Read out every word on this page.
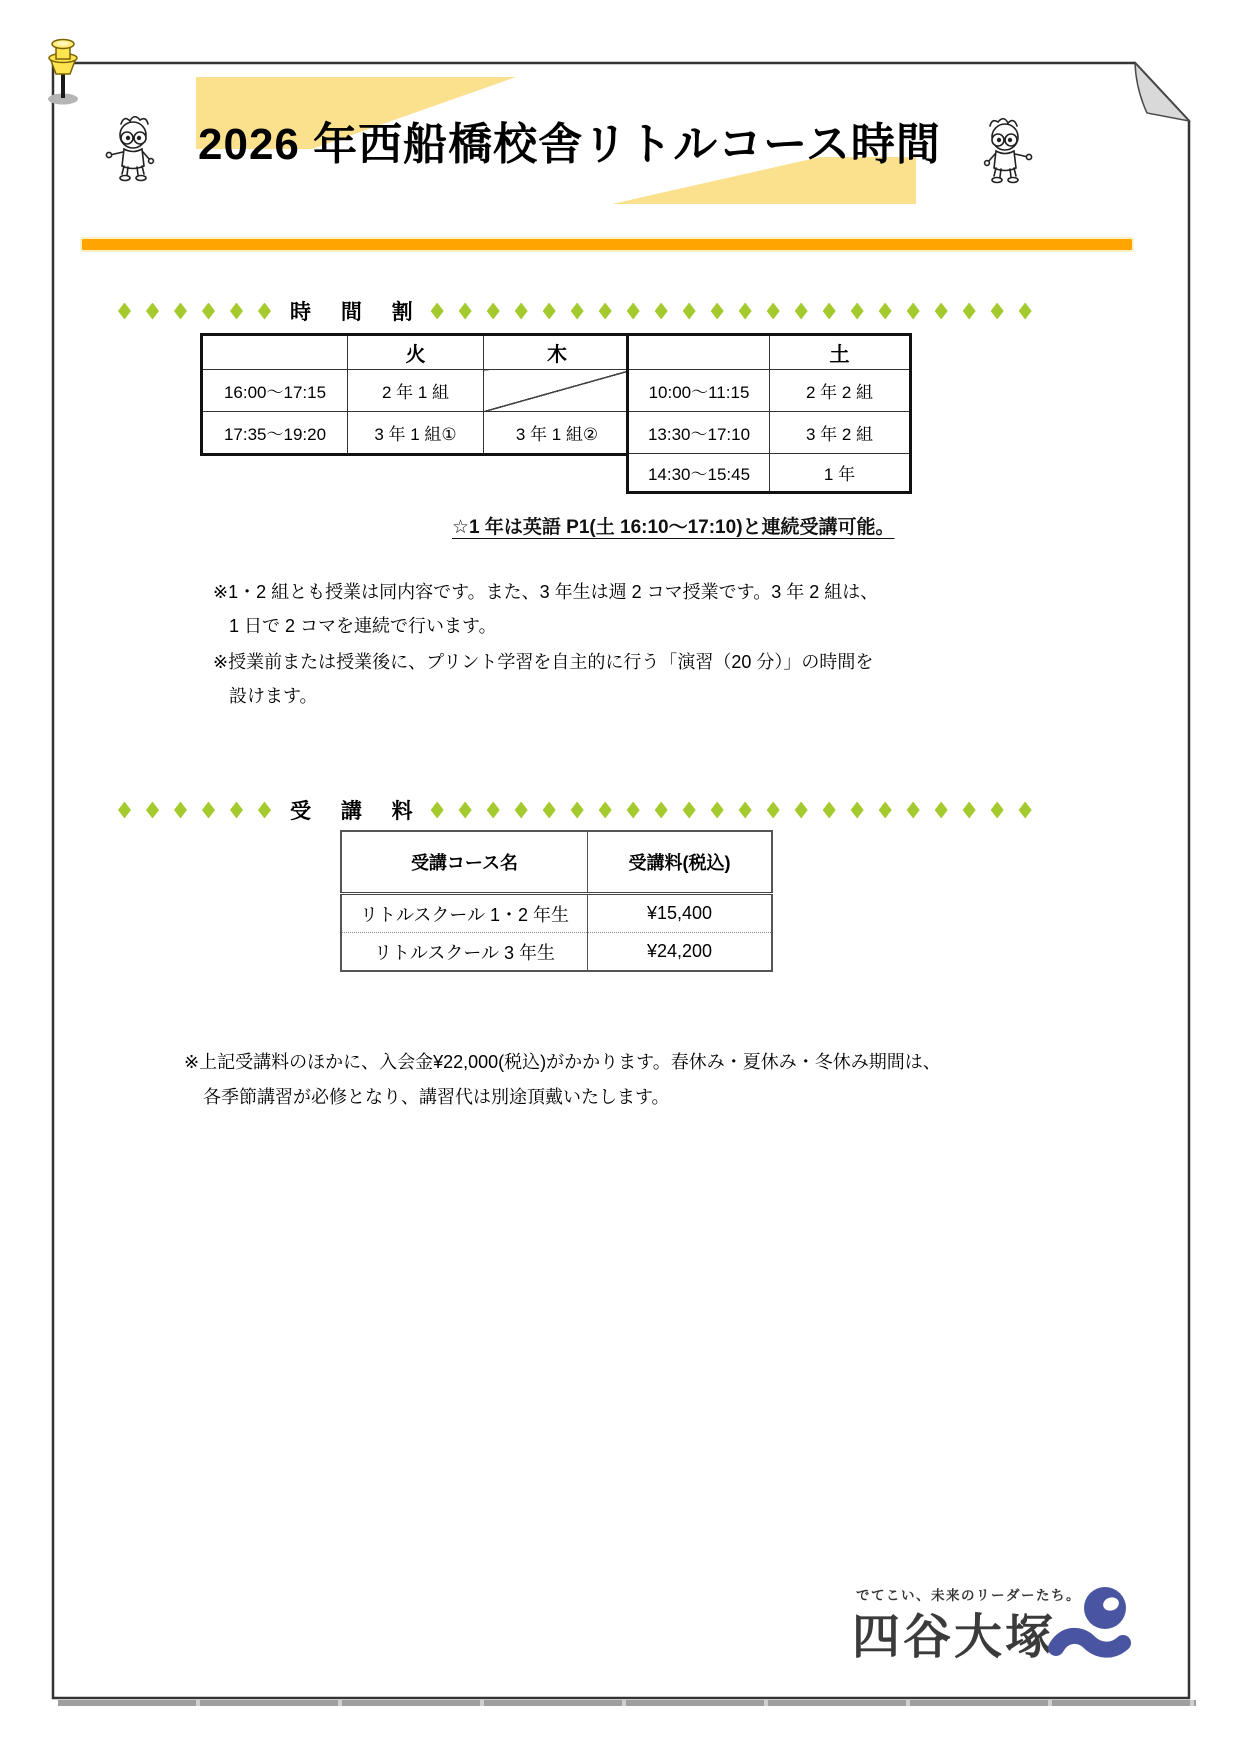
2026 年西船橋校舎リトルコース時間
時 間 割
	火	木
16:00～17:15	2 年 1 組	
17:35～19:20	3 年 1 組①	3 年 1 組②
	土
10:00～11:15	2 年 2 組
13:30～17:10	3 年 2 組
14:30～15:45	1 年
☆1 年は英語 P1(土 16:10～17:10)と連続受講可能。
※1・2 組とも授業は同内容です。また、3 年生は週 2 コマ授業です。3 年 2 組は、
1 日で 2 コマを連続で行います。
※授業前または授業後に、プリント学習を自主的に行う「演習（20 分）」の時間を
設けます。
受 講 料
受講コース名	受講料(税込)
リトルスクール 1・2 年生	¥15,400
リトルスクール 3 年生	¥24,200
※上記受講料のほかに、入会金¥22,000(税込)がかかります。春休み・夏休み・冬休み期間は、
各季節講習が必修となり、講習代は別途頂戴いたします。
でてこい、未来のリーダーたち。
四谷大塚
